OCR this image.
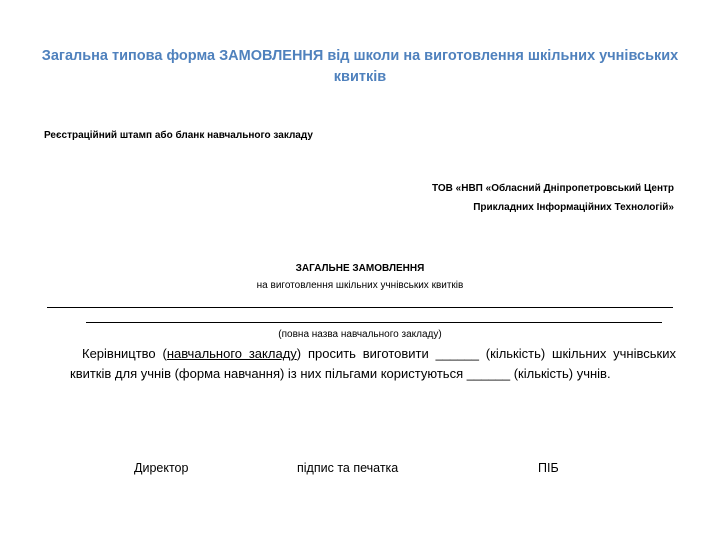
Загальна типова форма ЗАМОВЛЕННЯ від школи на виготовлення шкільних учнівських квитків
Реєстраційний штамп або бланк навчального закладу
ТОВ «НВП «Обласний Дніпропетровський Центр
Прикладних Інформаційних Технологій»
ЗАГАЛЬНЕ ЗАМОВЛЕННЯ
на виготовлення шкільних учнівських квитків
(повна назва навчального закладу)
Керівництво (навчального закладу) просить виготовити ______ (кількість) шкільних учнівських квитків для учнів (форма навчання) із них пільгами користуються ______ (кількість) учнів.
Директор	підпис та печатка	ПІБ
